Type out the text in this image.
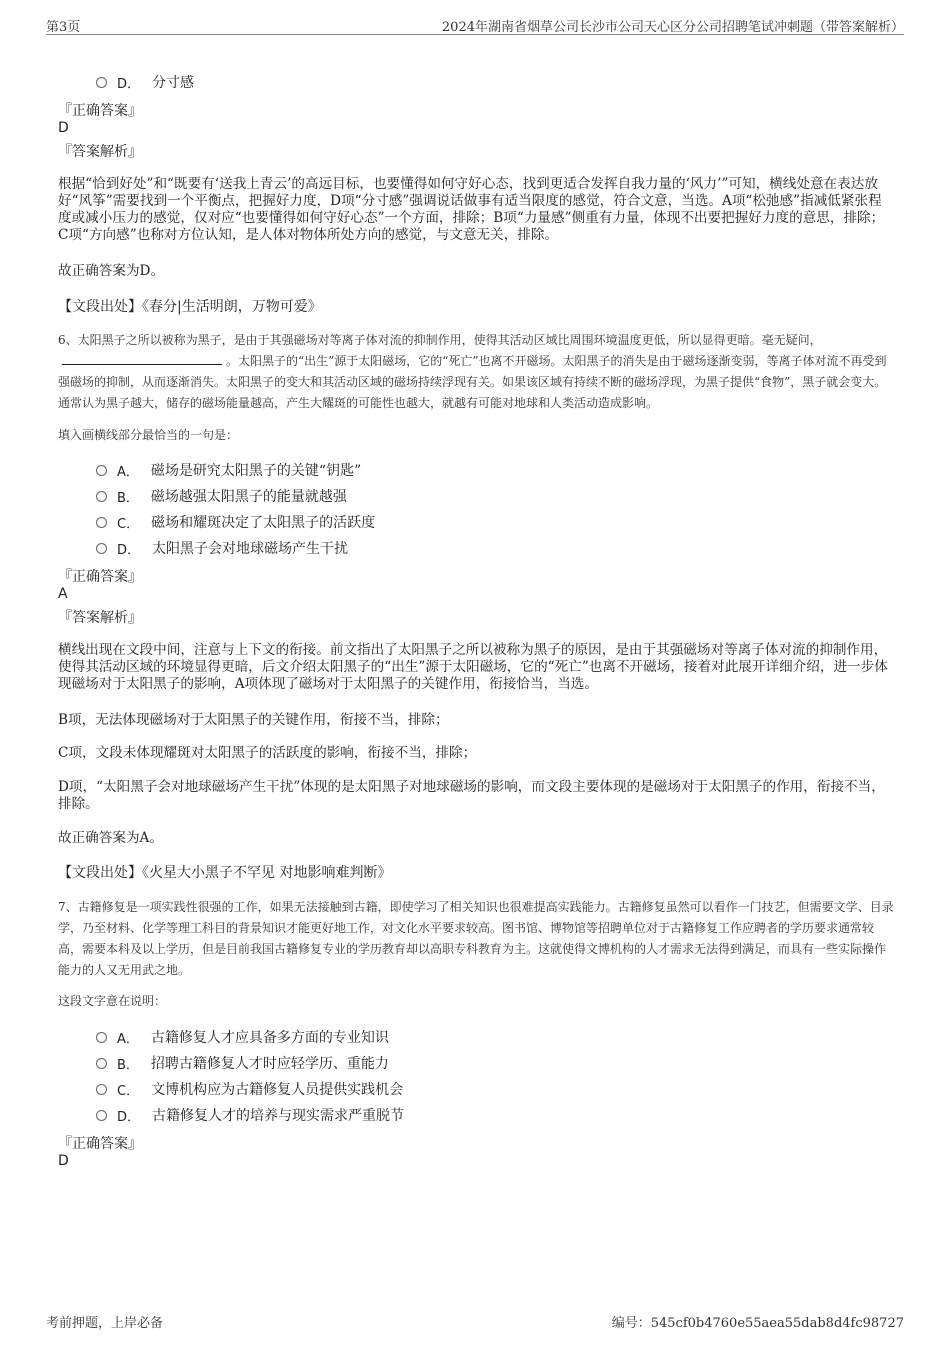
第3页	2024年湖南省烟草公司长沙市公司天心区分公司招聘笔试冲刺题（带答案解析）
D． 分寸感
『正确答案』
D
『答案解析』
根据“恰到好处”和“既要有‘送我上青云’的高远目标，也要懂得如何守好心态，找到更适合发挥自我力量的‘风力’”可知，横线处意在表达放好“风筝”需要找到一个平衡点，把握好力度，D项“分寸感”强调说话做事有适当限度的感觉，符合文意，当选。A项“松弛感”指减低紧张程度或减小压力的感觉，仅对应“也要懂得如何守好心态”一个方面，排除；B项“力量感”侧重有力量，体现不出要把握好力度的意思，排除；C项“方向感”也称对方位认知，是人体对物体所处方向的感觉，与文意无关，排除。
故正确答案为D。
【文段出处】《春分|生活明朗，万物可爱》
6、太阳黑子之所以被称为黑子，是由于其强磁场对等离子体对流的抑制作用，使得其活动区域比周围环境温度更低，所以显得更暗。毫无疑问，。太阳黑子的“出生”源于太阳磁场，它的“死亡”也离不开磁场。太阳黑子的消失是由于磁场逐渐变弱，等离子体对流不再受到强磁场的抑制，从而逐渐消失。太阳黑子的变大和其活动区域的磁场持续浮现有关。如果该区域有持续不断的磁场浮现，为黑子提供“食物”，黑子就会变大。通常认为黑子越大，储存的磁场能量越高，产生大耀斑的可能性也越大，就越有可能对地球和人类活动造成影响。
填入画横线部分最恰当的一句是：
A． 磁场是研究太阳黑子的关键“钥匙”
B． 磁场越强太阳黑子的能量就越强
C． 磁场和耀斑决定了太阳黑子的活跃度
D． 太阳黑子会对地球磁场产生干扰
『正确答案』
A
『答案解析』
横线出现在文段中间，注意与上下文的衔接。前文指出了太阳黑子之所以被称为黑子的原因，是由于其强磁场对等离子体对流的抑制作用，使得其活动区域的环境显得更暗，后文介绍太阳黑子的“出生”源于太阳磁场，它的“死亡”也离不开磁场，接着对此展开详细介绍，进一步体现磁场对于太阳黑子的影响，A项体现了磁场对于太阳黑子的关键作用，衔接恰当，当选。
B项，无法体现磁场对于太阳黑子的关键作用，衔接不当，排除；
C项，文段未体现耀斑对太阳黑子的活跃度的影响，衔接不当，排除；
D项，“太阳黑子会对地球磁场产生干扰”体现的是太阳黑子对地球磁场的影响，而文段主要体现的是磁场对于太阳黑子的作用，衔接不当，排除。
故正确答案为A。
【文段出处】《火星大小黑子不罕见 对地影响难判断》
7、古籍修复是一项实践性很强的工作，如果无法接触到古籍，即使学习了相关知识也很难提高实践能力。古籍修复虽然可以看作一门技艺，但需要文学、目录学，乃至材料、化学等理工科目的背景知识才能更好地工作，对文化水平要求较高。图书馆、博物馆等招聘单位对于古籍修复工作应聘者的学历要求通常较高，需要本科及以上学历，但是目前我国古籍修复专业的学历教育却以高职专科教育为主。这就使得文博机构的人才需求无法得到满足，而具有一些实际操作能力的人又无用武之地。
这段文字意在说明：
A． 古籍修复人才应具备多方面的专业知识
B． 招聘古籍修复人才时应轻学历、重能力
C． 文博机构应为古籍修复人员提供实践机会
D． 古籍修复人才的培养与现实需求严重脱节
『正确答案』
D
考前押题，上岸必备	编号：545cf0b4760e55aea55dab8d4fc98727
